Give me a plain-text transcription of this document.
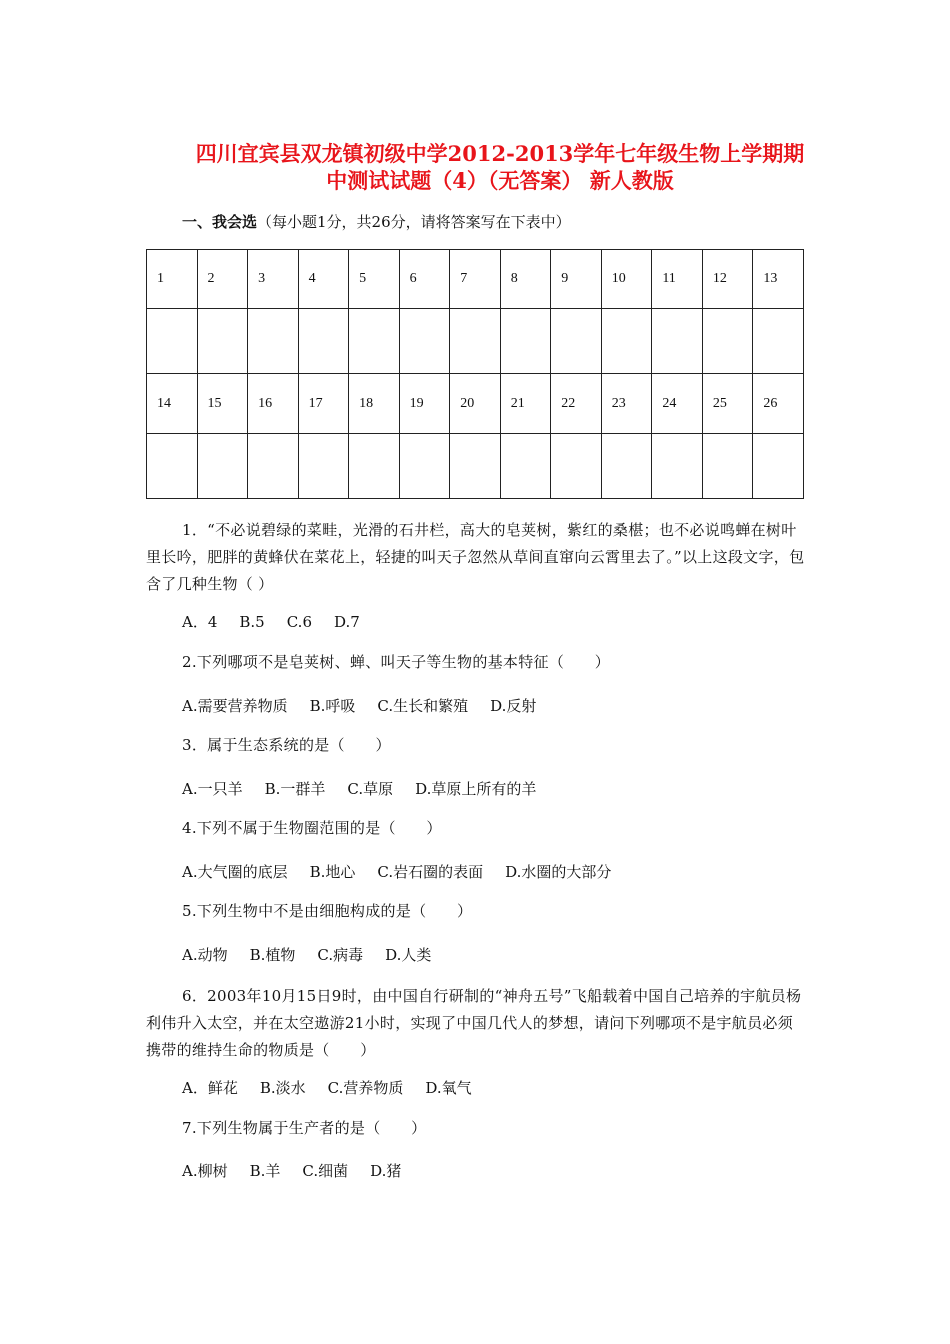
四川宜宾县双龙镇初级中学2012-2013学年七年级生物上学期期
中测试试题（4）（无答案） 新人教版
一、我会选（每小题1分，共26分，请将答案写在下表中）
1	2	3	4	5	6	7	8	9	10	11	12	13

14	15	16	17	18	19	20	21	22	23	24	25	26

1．“不必说碧绿的菜畦，光滑的石井栏，高大的皂荚树，紫红的桑椹；也不必说鸣蝉在树叶里长吟，肥胖的黄蜂伏在菜花上，轻捷的叫天子忽然从草间直窜向云霄里去了。”以上这段文字，包含了几种生物（ ）
A．4 B.5 C.6 D.7
2.下列哪项不是皂荚树、蝉、叫天子等生物的基本特征（　　）
A.需要营养物质 B.呼吸 C.生长和繁殖 D.反射
3．属于生态系统的是（　　）
A.一只羊 B.一群羊 C.草原 D.草原上所有的羊
4.下列不属于生物圈范围的是（　　）
A.大气圈的底层 B.地心 C.岩石圈的表面 D.水圈的大部分
5.下列生物中不是由细胞构成的是（　　）
A.动物 B.植物 C.病毒 D.人类
6．2003年10月15日9时，由中国自行研制的“神舟五号”飞船载着中国自己培养的宇航员杨利伟升入太空，并在太空遨游21小时，实现了中国几代人的梦想，请问下列哪项不是宇航员必须携带的维持生命的物质是（　　）
A．鲜花 B.淡水 C.营养物质 D.氧气
7.下列生物属于生产者的是（　　）
A.柳树 B.羊 C.细菌 D.猪
